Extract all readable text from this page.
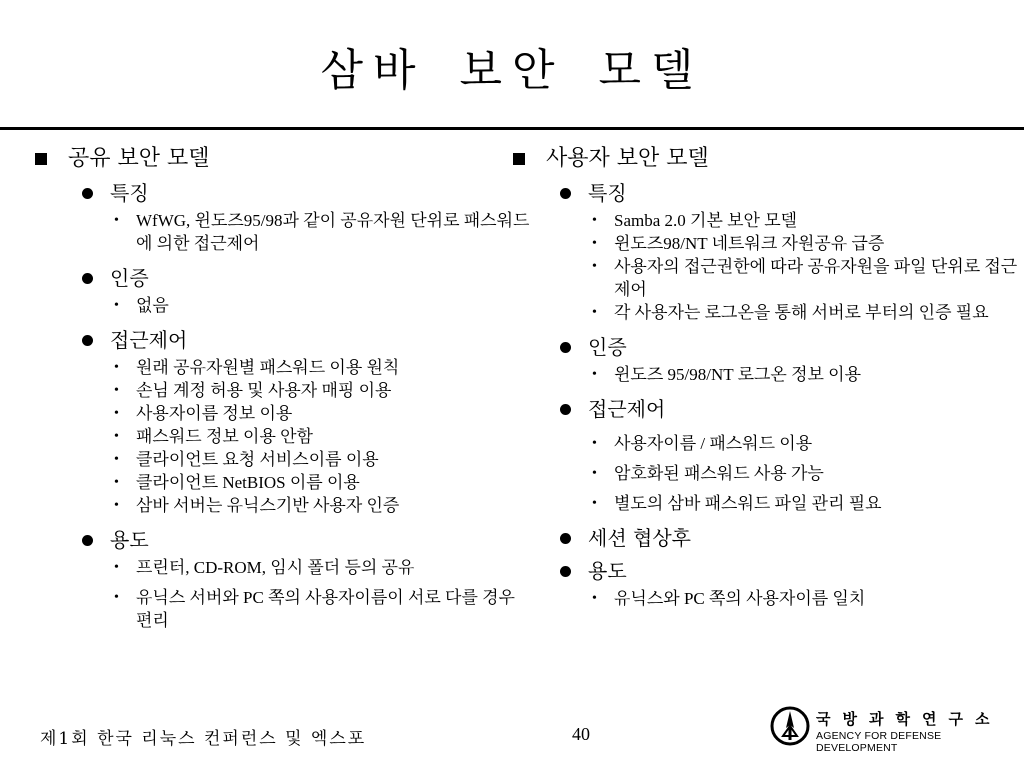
삼바 보안 모델
공유 보안 모델
특징
• WfWG, 윈도즈95/98과 같이 공유자원 단위로 패스워드에 의한 접근제어
인증
• 없음
접근제어
• 원래 공유자원별 패스워드 이용 원칙
• 손님 계정 허용 및 사용자 매핑 이용
• 사용자이름 정보 이용
• 패스워드 정보 이용 안함
• 클라이언트 요청 서비스이름 이용
• 클라이언트 NetBIOS 이름 이용
• 삼바 서버는 유닉스기반 사용자 인증
용도
• 프린터, CD-ROM, 임시 폴더 등의 공유
• 유닉스 서버와 PC 쪽의 사용자이름이 서로 다를 경우 편리
사용자 보안 모델
특징
• Samba 2.0 기본 보안 모델
• 윈도즈98/NT 네트워크 자원공유 급증
• 사용자의 접근권한에 따라 공유자원을 파일 단위로 접근제어
• 각 사용자는 로그온을 통해 서버로 부터의 인증 필요
인증
• 윈도즈 95/98/NT 로그온 정보 이용
접근제어
• 사용자이름 / 패스워드 이용
• 암호화된 패스워드 사용 가능
• 별도의 삼바 패스워드 파일 관리 필요
세션 협상후
용도
• 유닉스와 PC 쪽의 사용자이름 일치
제1회 한국 리눅스 컨퍼런스 및 엑스포	40
국방과학연구소
AGENCY FOR DEFENSE DEVELOPMENT
